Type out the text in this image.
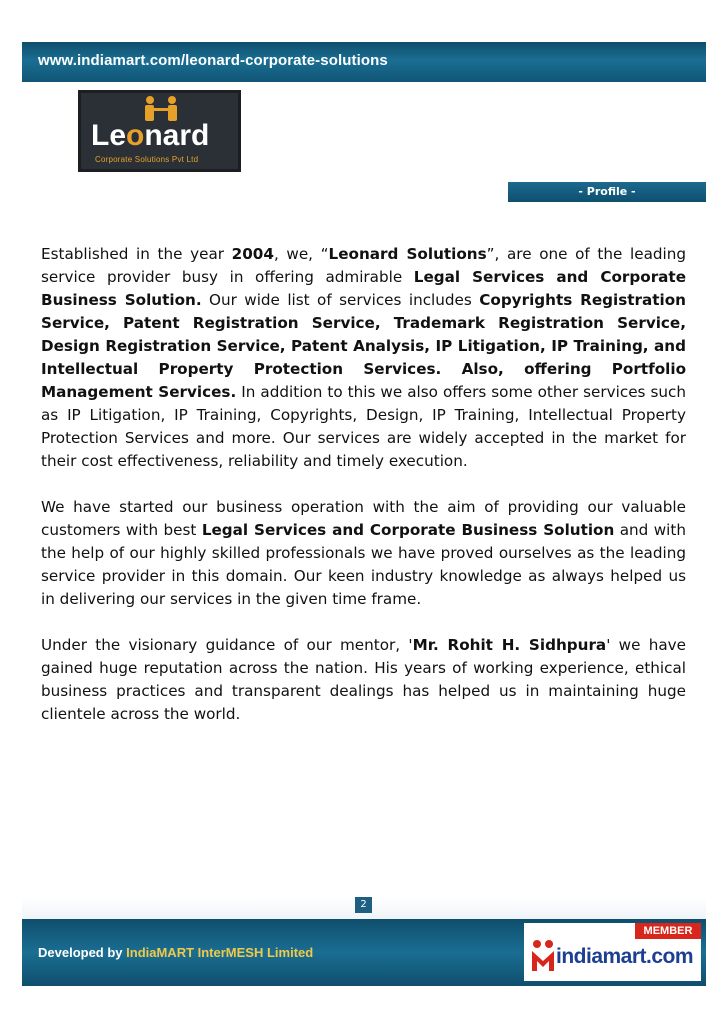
www.indiamart.com/leonard-corporate-solutions
Leonard
Corporate Solutions Pvt Ltd
- Profile -

Established in the year 2004, we, “Leonard Solutions”, are one of the leading service provider busy in offering admirable Legal Services and Corporate Business Solution. Our wide list of services includes Copyrights Registration Service, Patent Registration Service, Trademark Registration Service, Design Registration Service, Patent Analysis, IP Litigation, IP Training, and Intellectual Property Protection Services. Also, offering Portfolio Management Services. In addition to this we also offers some other services such as IP Litigation, IP Training, Copyrights, Design, IP Training, Intellectual Property Protection Services and more. Our services are widely accepted in the market for their cost effectiveness, reliability and timely execution.

We have started our business operation with the aim of providing our valuable customers with best Legal Services and Corporate Business Solution and with the help of our highly skilled professionals we have proved ourselves as the leading service provider in this domain. Our keen industry knowledge as always helped us in delivering our services in the given time frame.

Under the visionary guidance of our mentor, 'Mr. Rohit H. Sidhpura' we have gained huge reputation across the nation. His years of working experience, ethical business practices and transparent dealings has helped us in maintaining huge clientele across the world.

2
Developed by IndiaMART InterMESH Limited
MEMBER
indiamart.com
